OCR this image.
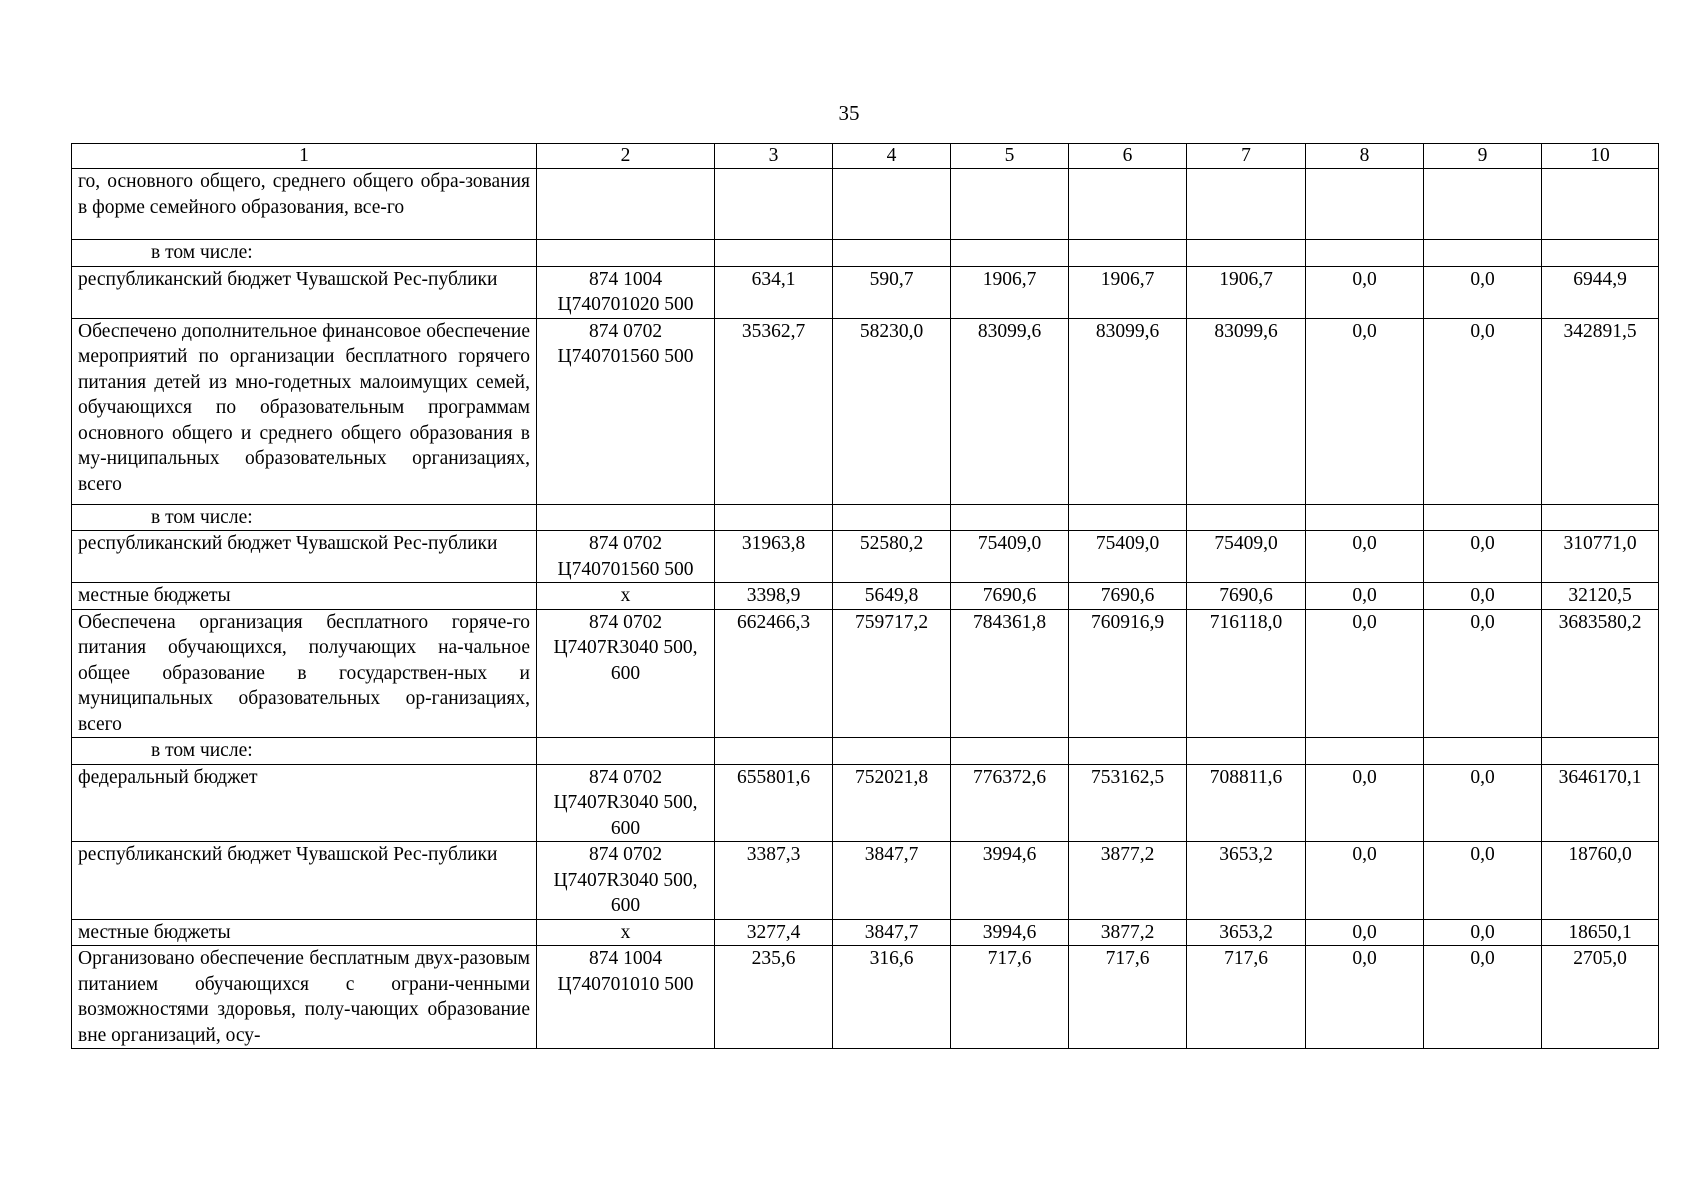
35
1	2	3	4	5	6	7	8	9	10
го, основного общего, среднего общего обра-зования в форме семейного образования, все-го									
в том числе:									
республиканский бюджет Чувашской Рес-публики	874 1004 Ц740701020 500	634,1	590,7	1906,7	1906,7	1906,7	0,0	0,0	6944,9
Обеспечено дополнительное финансовое обеспечение мероприятий по организации бесплатного горячего питания детей из мно-годетных малоимущих семей, обучающихся по образовательным программам основного общего и среднего общего образования в му-ниципальных образовательных организациях, всего	874 0702 Ц740701560 500	35362,7	58230,0	83099,6	83099,6	83099,6	0,0	0,0	342891,5
в том числе:									
республиканский бюджет Чувашской Рес-публики	874 0702 Ц740701560 500	31963,8	52580,2	75409,0	75409,0	75409,0	0,0	0,0	310771,0
местные бюджеты	х	3398,9	5649,8	7690,6	7690,6	7690,6	0,0	0,0	32120,5
Обеспечена организация бесплатного горяче-го питания обучающихся, получающих на-чальное общее образование в государствен-ных и муниципальных образовательных ор-ганизациях, всего	874 0702 Ц7407R3040 500, 600	662466,3	759717,2	784361,8	760916,9	716118,0	0,0	0,0	3683580,2
в том числе:									
федеральный бюджет	874 0702 Ц7407R3040 500, 600	655801,6	752021,8	776372,6	753162,5	708811,6	0,0	0,0	3646170,1
республиканский бюджет Чувашской Рес-публики	874 0702 Ц7407R3040 500, 600	3387,3	3847,7	3994,6	3877,2	3653,2	0,0	0,0	18760,0
местные бюджеты	х	3277,4	3847,7	3994,6	3877,2	3653,2	0,0	0,0	18650,1
Организовано обеспечение бесплатным двух-разовым питанием обучающихся с ограни-ченными возможностями здоровья, полу-чающих образование вне организаций, осу-	874 1004 Ц740701010 500	235,6	316,6	717,6	717,6	717,6	0,0	0,0	2705,0
